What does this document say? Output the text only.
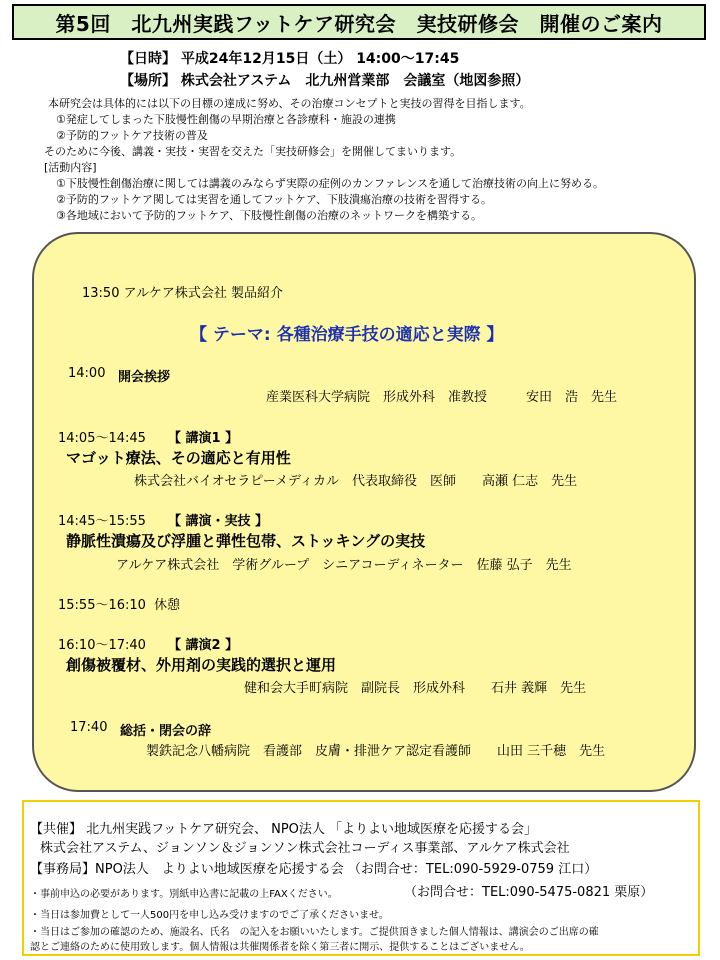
第5回　北九州実践フットケア研究会　実技研修会　開催のご案内
【日時】 平成24年12月15日（土） 14:00～17:45
【場所】 株式会社アステム　北九州営業部　会議室（地図参照）
本研究会は具体的には以下の目標の達成に努め、その治療コンセプトと実技の習得を目指します。
①発症してしまった下肢慢性創傷の早期治療と各診療科・施設の連携
②予防的フットケア技術の普及
そのために今後、講義・実技・実習を交えた「実技研修会」を開催してまいります。
[活動内容]
①下肢慢性創傷治療に関しては講義のみならず実際の症例のカンファレンスを通して治療技術の向上に努める。
②予防的フットケア関しては実習を通してフットケア、下肢潰瘍治療の技術を習得する。
③各地域において予防的フットケア、下肢慢性創傷の治療のネットワークを構築する。
13:50 アルケア株式会社 製品紹介
【 テーマ: 各種治療手技の適応と実際 】
14:00 開会挨拶
産業医科大学病院　形成外科　准教授　　　安田　浩　先生
14:05～14:45 【 講演1 】
マゴット療法、その適応と有用性
株式会社バイオセラピーメディカル　代表取締役　医師　　高瀬 仁志　先生
14:45～15:55 【 講演・実技 】
静脈性潰瘍及び浮腫と弾性包帯、ストッキングの実技
アルケア株式会社　学術グループ　シニアコーディネーター　佐藤 弘子　先生
15:55～16:10 休憩
16:10～17:40 【 講演2 】
創傷被覆材、外用剤の実践的選択と運用
健和会大手町病院　副院長　形成外科　　石井 義輝　先生
17:40 総括・閉会の辞
製鉄記念八幡病院　看護部　皮膚・排泄ケア認定看護師　　山田 三千穂　先生
【共催】 北九州実践フットケア研究会、 NPO法人 「よりよい地域医療を応援する会」
株式会社アステム、ジョンソン＆ジョンソン株式会社コーディス事業部、アルケア株式会社
【事務局】NPO法人　よりよい地域医療を応援する会 （お問合せ：TEL:090-5929-0759 江口）
・事前申込の必要があります。別紙申込書に記載の上FAXください。	（お問合せ：TEL:090-5475-0821 栗原）
・当日は参加費として一人500円を申し込み受けますのでご了承くださいませ。
・当日はご参加の確認のため、施設名、氏名　の記入をお願いいたします。ご提供頂きました個人情報は、講演会のご出席の確
認とご連絡のために使用致します。個人情報は共催関係者を除く第三者に開示、提供することはございません。
